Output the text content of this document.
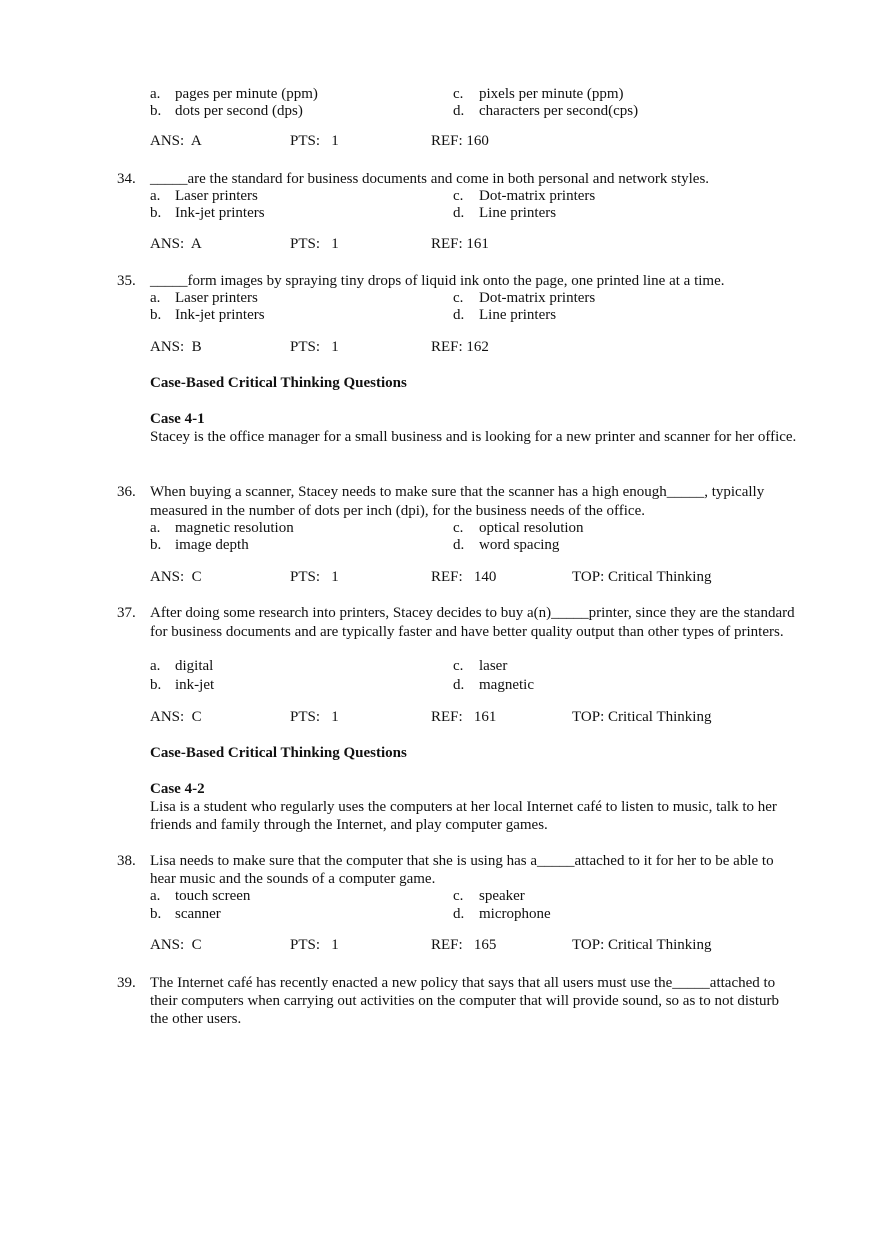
a. pages per minute (ppm)	c. pixels per minute (ppm)
b. dots per second (dps)	d. characters per second(cps)
ANS:  A	PTS:   1	REF: 160
34. _____are the standard for business documents and come in both personal and network styles.
a. Laser printers	c. Dot-matrix printers
b. Ink-jet printers	d. Line printers
ANS:  A	PTS:   1	REF: 161
35. _____form images by spraying tiny drops of liquid ink onto the page, one printed line at a time.
a. Laser printers	c. Dot-matrix printers
b. Ink-jet printers	d. Line printers
ANS:  B	PTS:   1	REF: 162
Case-Based Critical Thinking Questions
Case 4-1
Stacey is the office manager for a small business and is looking for a new printer and scanner for her office.
36. When buying a scanner, Stacey needs to make sure that the scanner has a high enough_____, typically measured in the number of dots per inch (dpi), for the business needs of the office.
a. magnetic resolution	c. optical resolution
b. image depth	d. word spacing
ANS:  C	PTS:   1	REF:   140	TOP: Critical Thinking
37. After doing some research into printers, Stacey decides to buy a(n)_____printer, since they are the standard for business documents and are typically faster and have better quality output than other types of printers.
a. digital	c. laser
b. ink-jet	d. magnetic
ANS:  C	PTS:   1	REF:   161	TOP: Critical Thinking
Case-Based Critical Thinking Questions
Case 4-2
Lisa is a student who regularly uses the computers at her local Internet café to listen to music, talk to her friends and family through the Internet, and play computer games.
38. Lisa needs to make sure that the computer that she is using has a_____attached to it for her to be able to hear music and the sounds of a computer game.
a. touch screen	c. speaker
b. scanner	d. microphone
ANS:  C	PTS:   1	REF:   165	TOP: Critical Thinking
39. The Internet café has recently enacted a new policy that says that all users must use the_____attached to their computers when carrying out activities on the computer that will provide sound, so as to not disturb the other users.
